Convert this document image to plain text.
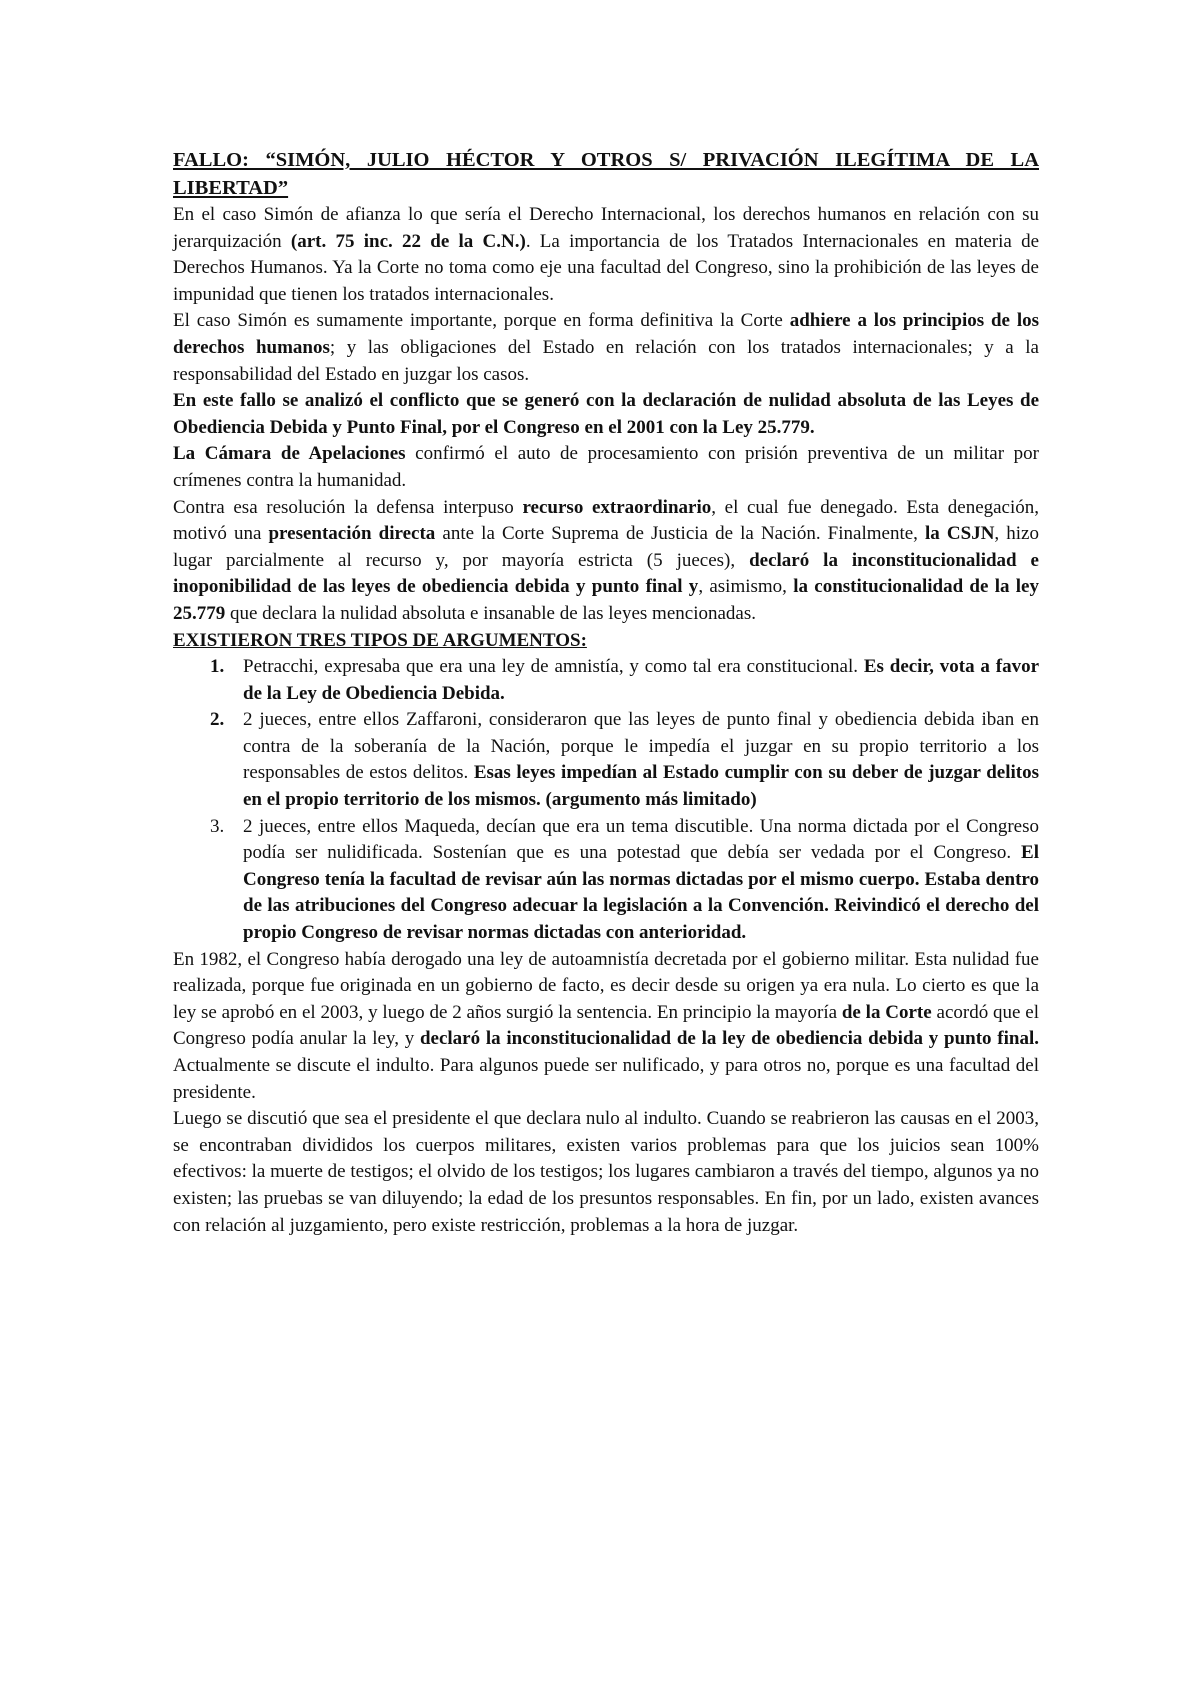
FALLO: “SIMÓN, JULIO HÉCTOR Y OTROS S/ PRIVACIÓN ILEGÍTIMA DE LA LIBERTAD”

En el caso Simón de afianza lo que sería el Derecho Internacional, los derechos humanos en relación con su jerarquización (art. 75 inc. 22 de la C.N.). La importancia de los Tratados Internacionales en materia de Derechos Humanos. Ya la Corte no toma como eje una facultad del Congreso, sino la prohibición de las leyes de impunidad que tienen los tratados internacionales.

El caso Simón es sumamente importante, porque en forma definitiva la Corte adhiere a los principios de los derechos humanos; y las obligaciones del Estado en relación con los tratados internacionales; y a la responsabilidad del Estado en juzgar los casos.

En este fallo se analizó el conflicto que se generó con la declaración de nulidad absoluta de las Leyes de Obediencia Debida y Punto Final, por el Congreso en el 2001 con la Ley 25.779.

La Cámara de Apelaciones confirmó el auto de procesamiento con prisión preventiva de un militar por crímenes contra la humanidad.

Contra esa resolución la defensa interpuso recurso extraordinario, el cual fue denegado. Esta denegación, motivó una presentación directa ante la Corte Suprema de Justicia de la Nación. Finalmente, la CSJN, hizo lugar parcialmente al recurso y, por mayoría estricta (5 jueces), declaró la inconstitucionalidad e inoponibilidad de las leyes de obediencia debida y punto final y, asimismo, la constitucionalidad de la ley 25.779 que declara la nulidad absoluta e insanable de las leyes mencionadas.

EXISTIERON TRES TIPOS DE ARGUMENTOS:

1. Petracchi, expresaba que era una ley de amnistía, y como tal era constitucional. Es decir, vota a favor de la Ley de Obediencia Debida.
2. 2 jueces, entre ellos Zaffaroni, consideraron que las leyes de punto final y obediencia debida iban en contra de la soberanía de la Nación, porque le impedía el juzgar en su propio territorio a los responsables de estos delitos. Esas leyes impedían al Estado cumplir con su deber de juzgar delitos en el propio territorio de los mismos. (argumento más limitado)
3. 2 jueces, entre ellos Maqueda, decían que era un tema discutible. Una norma dictada por el Congreso podía ser nulidificada. Sostenían que es una potestad que debía ser vedada por el Congreso. El Congreso tenía la facultad de revisar aún las normas dictadas por el mismo cuerpo. Estaba dentro de las atribuciones del Congreso adecuar la legislación a la Convención. Reivindicó el derecho del propio Congreso de revisar normas dictadas con anterioridad.

En 1982, el Congreso había derogado una ley de autoamnistía decretada por el gobierno militar. Esta nulidad fue realizada, porque fue originada en un gobierno de facto, es decir desde su origen ya era nula. Lo cierto es que la ley se aprobó en el 2003, y luego de 2 años surgió la sentencia. En principio la mayoría de la Corte acordó que el Congreso podía anular la ley, y declaró la inconstitucionalidad de la ley de obediencia debida y punto final. Actualmente se discute el indulto. Para algunos puede ser nulificado, y para otros no, porque es una facultad del presidente.

Luego se discutió que sea el presidente el que declara nulo al indulto. Cuando se reabrieron las causas en el 2003, se encontraban divididos los cuerpos militares, existen varios problemas para que los juicios sean 100% efectivos: la muerte de testigos; el olvido de los testigos; los lugares cambiaron a través del tiempo, algunos ya no existen; las pruebas se van diluyendo; la edad de los presuntos responsables. En fin, por un lado, existen avances con relación al juzgamiento, pero existe restricción, problemas a la hora de juzgar.
